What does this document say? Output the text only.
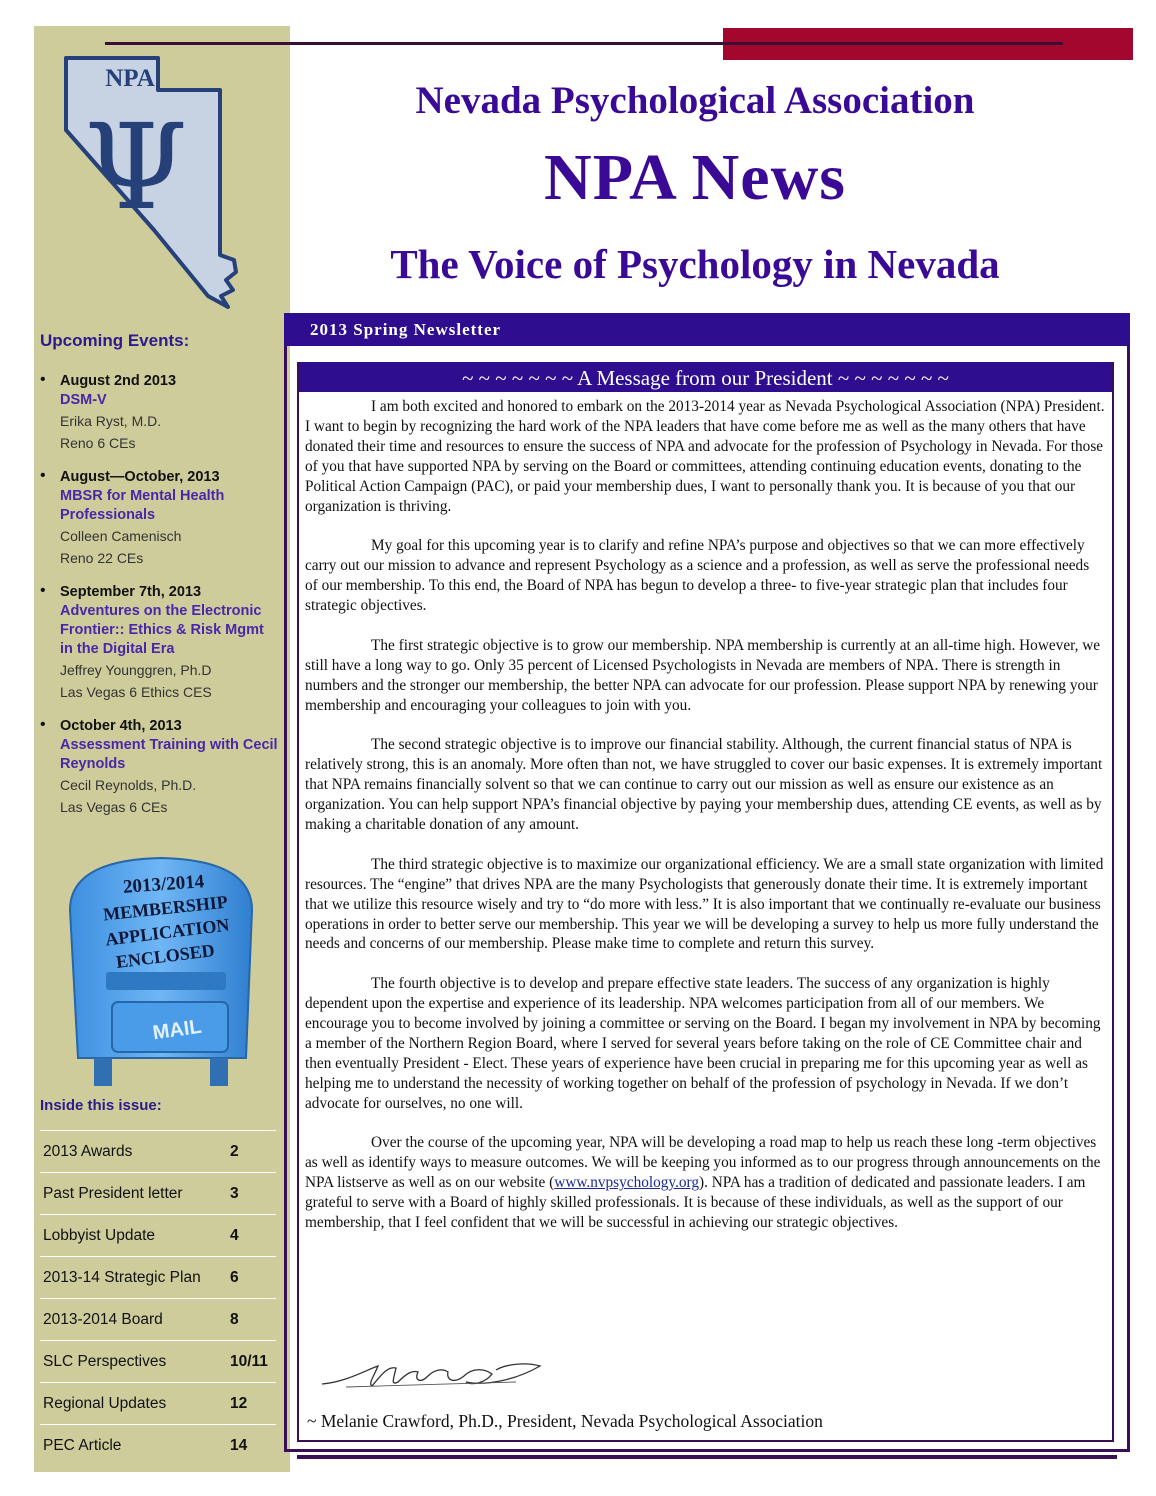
NPA
Ψ
Upcoming Events:
• August 2nd 2013
DSM-V
Erika Ryst, M.D.
Reno 6 CEs
• August—October, 2013
MBSR for Mental Health Professionals
Colleen Camenisch
Reno 22 CEs
• September 7th, 2013
Adventures on the Electronic Frontier:: Ethics & Risk Mgmt in the Digital Era
Jeffrey Younggren, Ph.D
Las Vegas 6 Ethics CES
• October 4th, 2013
Assessment Training with Cecil Reynolds
Cecil Reynolds, Ph.D.
Las Vegas 6 CEs
2013/2014
MEMBERSHIP
APPLICATION
ENCLOSED
MAIL
Inside this issue:
2013 Awards	2
Past President letter	3
Lobbyist Update	4
2013-14 Strategic Plan	6
2013-2014 Board	8
SLC Perspectives	10/11
Regional Updates	12
PEC Article	14
Nevada Psychological Association
NPA News
The Voice of Psychology in Nevada
2013 Spring Newsletter
~ ~ ~ ~ ~ ~ ~ A Message from our President ~ ~ ~ ~ ~ ~ ~

I am both excited and honored to embark on the 2013-2014 year as Nevada Psychological Association (NPA) President. I want to begin by recognizing the hard work of the NPA leaders that have come before me as well as the many others that have donated their time and resources to ensure the success of NPA and advocate for the profession of Psychology in Nevada. For those of you that have supported NPA by serving on the Board or committees, attending continuing education events, donating to the Political Action Campaign (PAC), or paid your membership dues, I want to personally thank you. It is because of you that our organization is thriving.

My goal for this upcoming year is to clarify and refine NPA’s purpose and objectives so that we can more effectively carry out our mission to advance and represent Psychology as a science and a profession, as well as serve the professional needs of our membership. To this end, the Board of NPA has begun to develop a three- to five-year strategic plan that includes four strategic objectives.

The first strategic objective is to grow our membership. NPA membership is currently at an all-time high. However, we still have a long way to go. Only 35 percent of Licensed Psychologists in Nevada are members of NPA. There is strength in numbers and the stronger our membership, the better NPA can advocate for our profession. Please support NPA by renewing your membership and encouraging your colleagues to join with you.

The second strategic objective is to improve our financial stability. Although, the current financial status of NPA is relatively strong, this is an anomaly. More often than not, we have struggled to cover our basic expenses. It is extremely important that NPA remains financially solvent so that we can continue to carry out our mission as well as ensure our existence as an organization. You can help support NPA’s financial objective by paying your membership dues, attending CE events, as well as by making a charitable donation of any amount.

The third strategic objective is to maximize our organizational efficiency. We are a small state organization with limited resources. The “engine” that drives NPA are the many Psychologists that generously donate their time. It is extremely important that we utilize this resource wisely and try to “do more with less.” It is also important that we continually re-evaluate our business operations in order to better serve our membership. This year we will be developing a survey to help us more fully understand the needs and concerns of our membership. Please make time to complete and return this survey.

The fourth objective is to develop and prepare effective state leaders. The success of any organization is highly dependent upon the expertise and experience of its leadership. NPA welcomes participation from all of our members. We encourage you to become involved by joining a committee or serving on the Board. I began my involvement in NPA by becoming a member of the Northern Region Board, where I served for several years before taking on the role of CE Committee chair and then eventually President - Elect. These years of experience have been crucial in preparing me for this upcoming year as well as helping me to understand the necessity of working together on behalf of the profession of psychology in Nevada. If we don’t advocate for ourselves, no one will.

Over the course of the upcoming year, NPA will be developing a road map to help us reach these long -term objectives as well as identify ways to measure outcomes. We will be keeping you informed as to our progress through announcements on the NPA listserve as well as on our website (www.nvpsychology.org). NPA has a tradition of dedicated and passionate leaders. I am grateful to serve with a Board of highly skilled professionals. It is because of these individuals, as well as the support of our membership, that I feel confident that we will be successful in achieving our strategic objectives.

~ Melanie Crawford, Ph.D., President, Nevada Psychological Association
